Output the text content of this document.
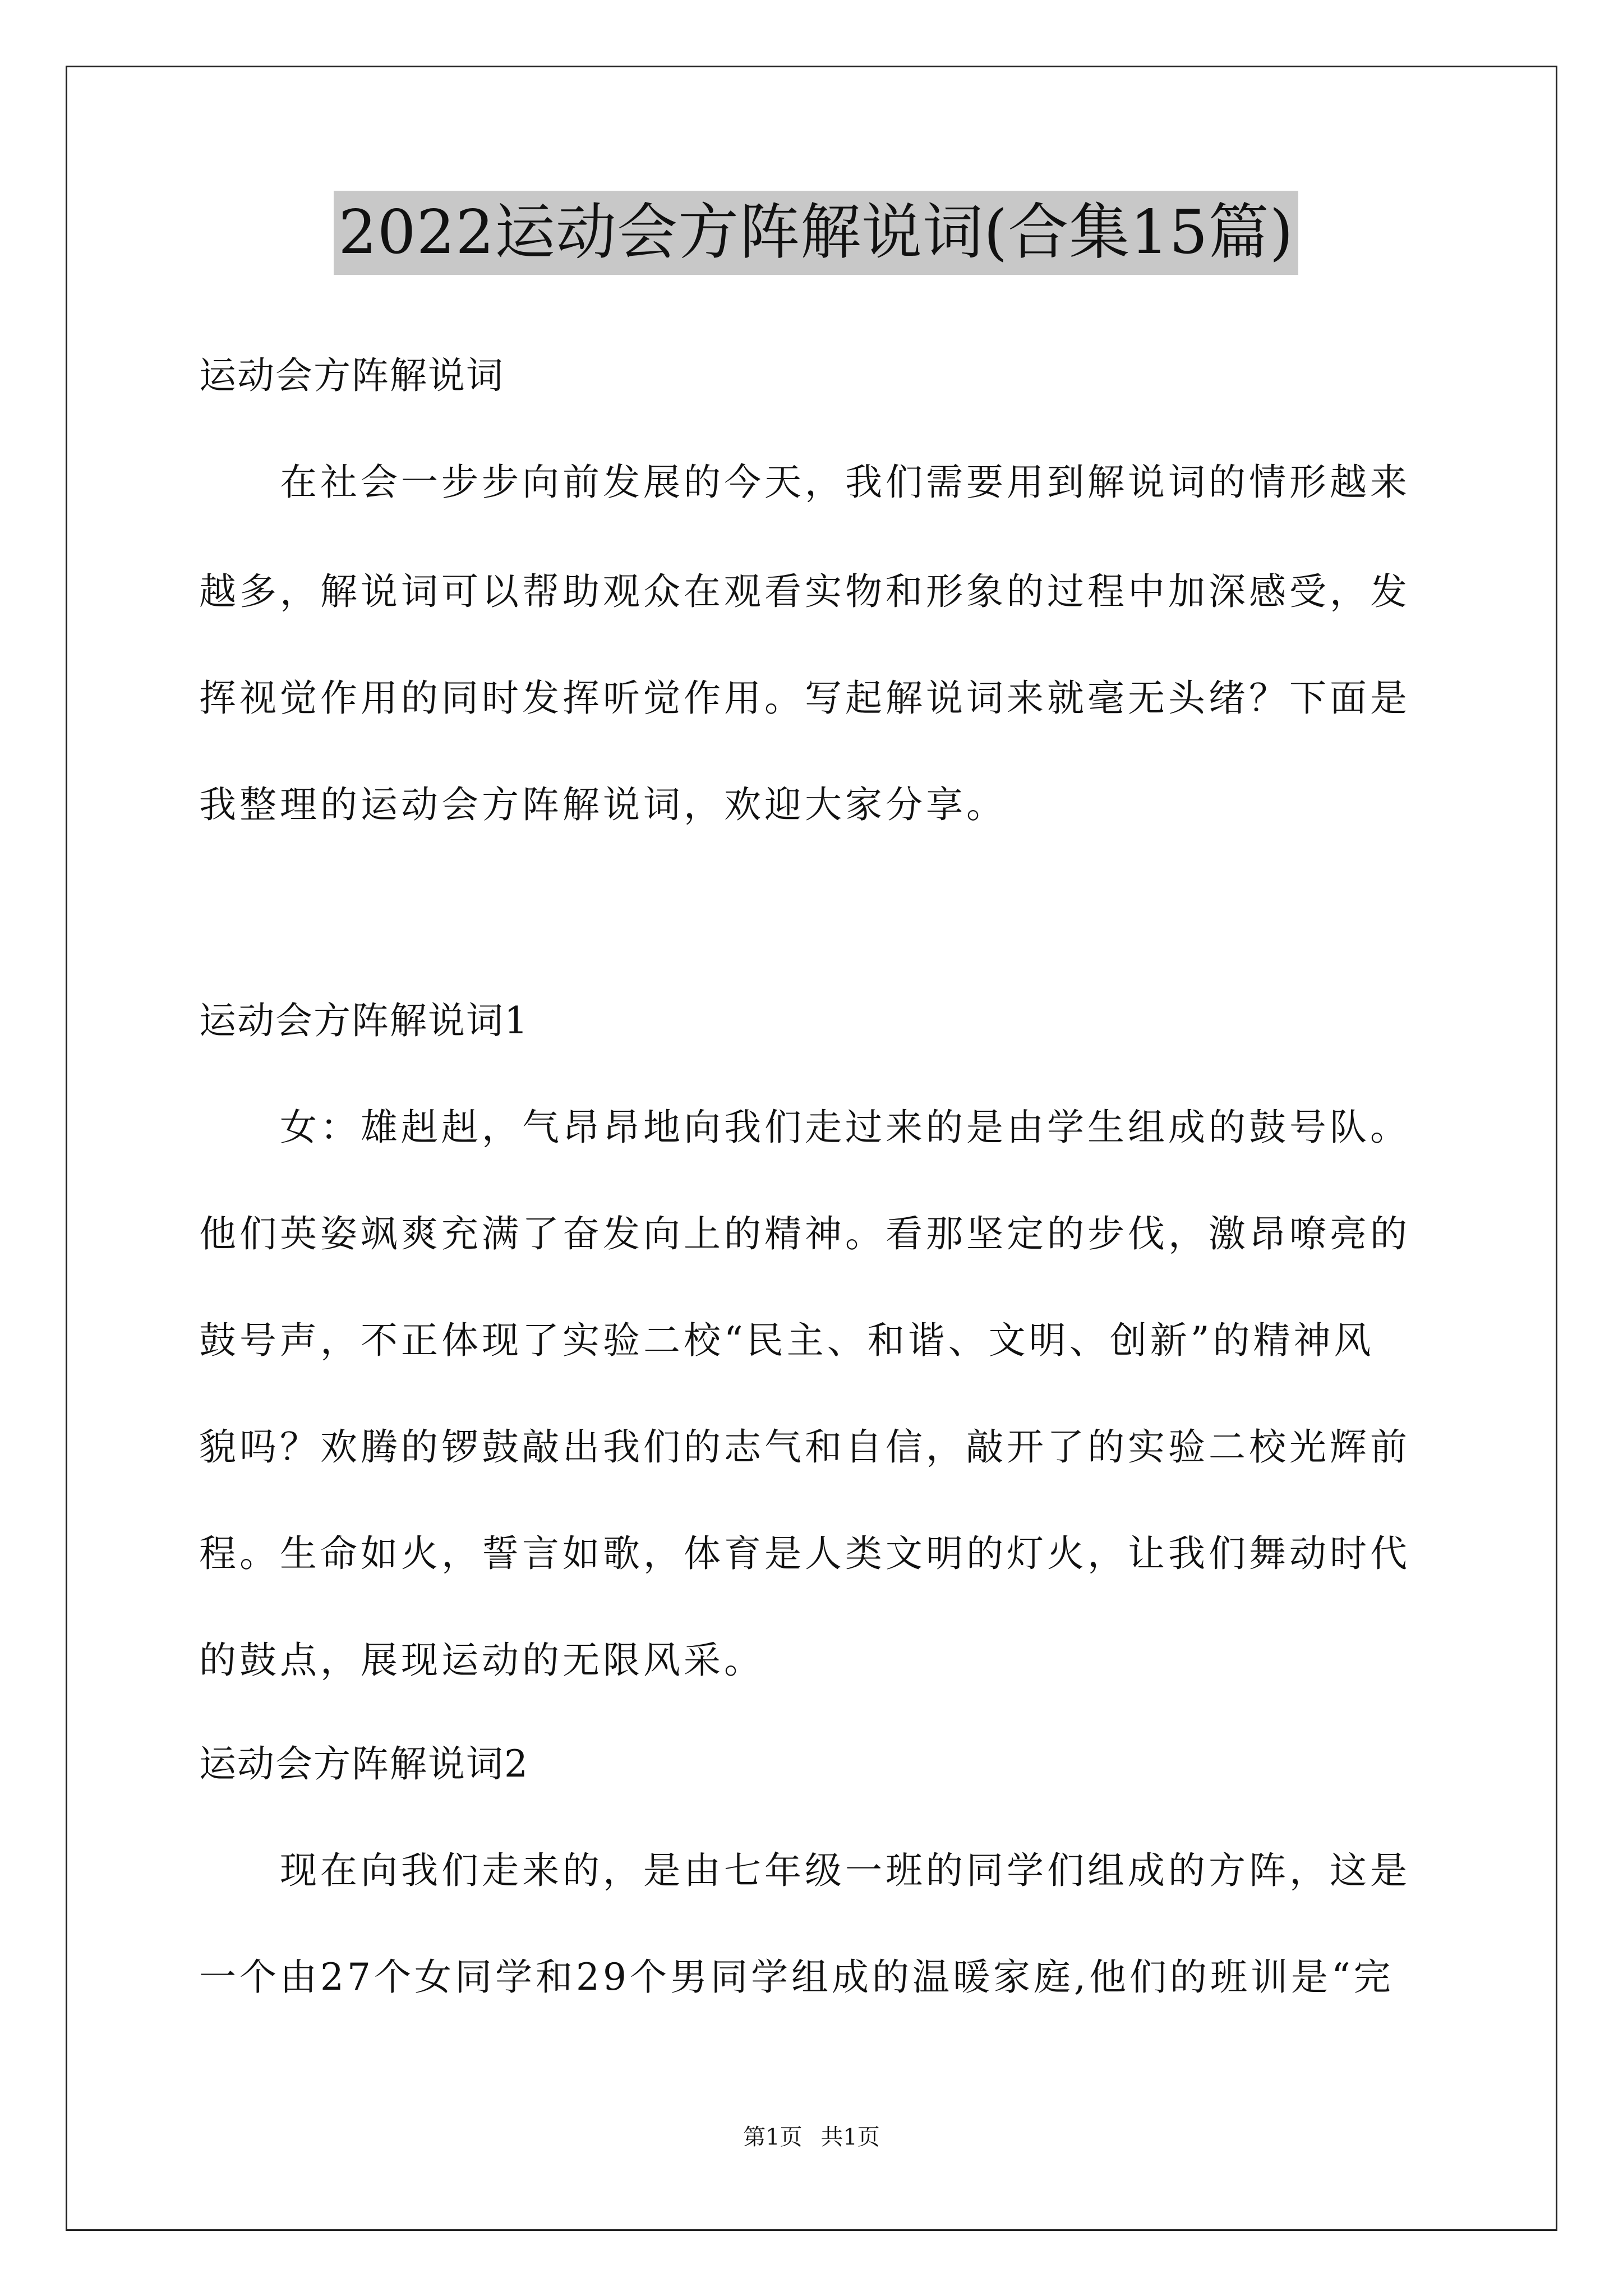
2022运动会方阵解说词(合集15篇)
运动会方阵解说词
在社会一步步向前发展的今天，我们需要用到解说词的情形越来
越多，解说词可以帮助观众在观看实物和形象的过程中加深感受，发
挥视觉作用的同时发挥听觉作用。写起解说词来就毫无头绪？下面是
我整理的运动会方阵解说词，欢迎大家分享。
运动会方阵解说词1
女：雄赳赳，气昂昂地向我们走过来的是由学生组成的鼓号队。
他们英姿飒爽充满了奋发向上的精神。看那坚定的步伐，激昂嘹亮的
鼓号声，不正体现了实验二校“民主、和谐、文明、创新”的精神风
貌吗？欢腾的锣鼓敲出我们的志气和自信，敲开了的实验二校光辉前
程。生命如火，誓言如歌，体育是人类文明的灯火，让我们舞动时代
的鼓点，展现运动的无限风采。
运动会方阵解说词2
现在向我们走来的，是由七年级一班的同学们组成的方阵，这是
一个由27个女同学和29个男同学组成的温暖家庭,他们的班训是“完
第1页 共1页
